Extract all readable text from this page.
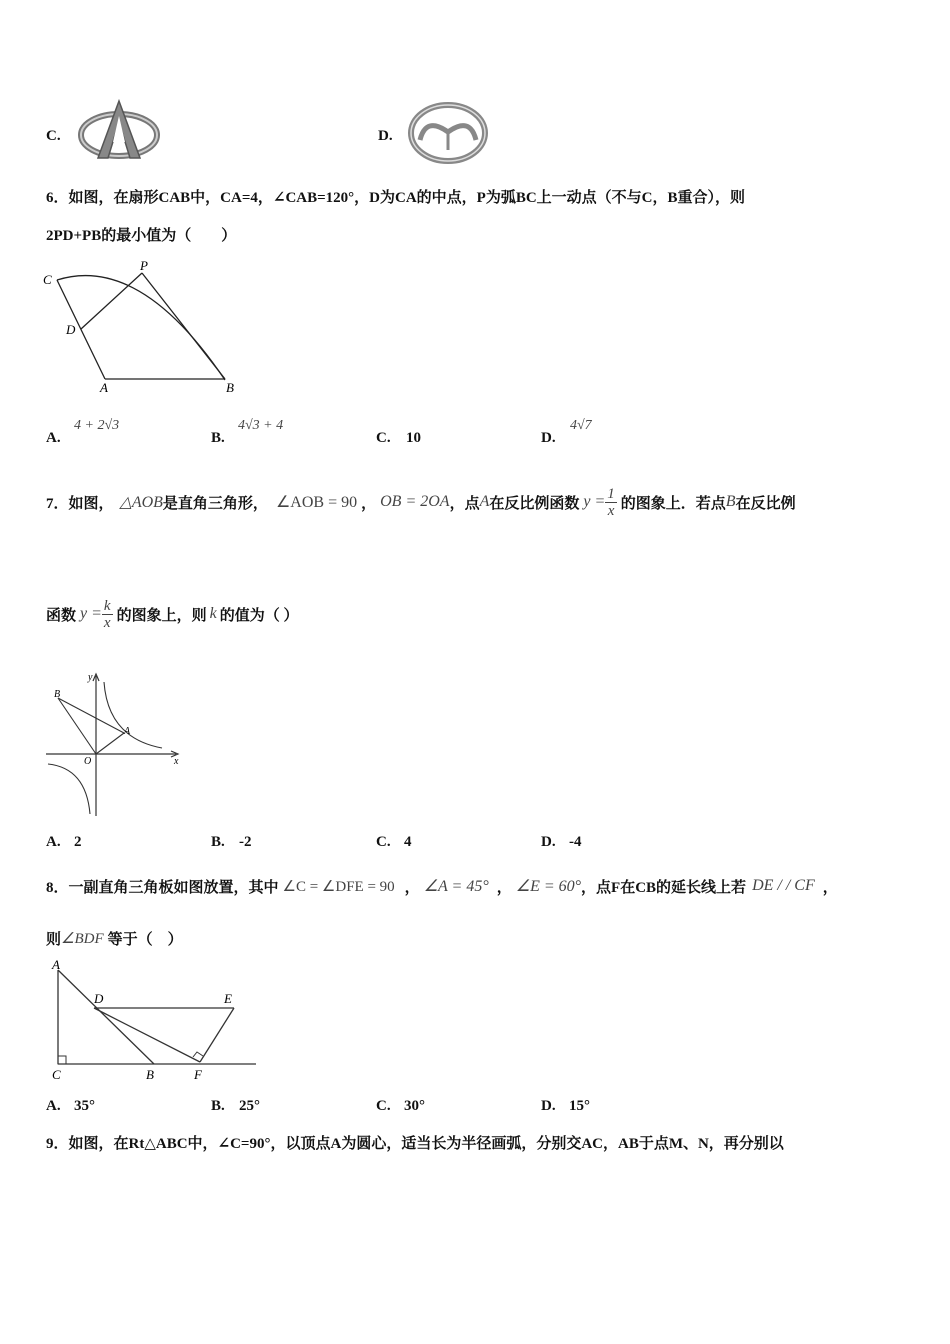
C.	D.
6．如图，在扇形CAB中，CA=4，∠CAB=120°，D为CA的中点，P为弧BC上一动点（不与C，B重合），则
2PD+PB的最小值为（　　）
C
P
D
A	B
A.
4 + 2√3
B.
4√3 + 4
C. 10	D.
4√7
7．如图， △AOB 是直角三角形， ∠AOB = 90 ， OB = 2OA ，点 A 在反比例函数 $y = \frac{1}{x}$ 的图象上．若点 B 在反比例
函数 $y = \frac{k}{x}$ 的图象上，则 k 的值为（ ）
B
y
A
O	x
A. 2	B. -2	C. 4	D. -4
8．一副直角三角板如图放置，其中 ∠C = ∠DFE = 90 ， ∠A = 45° ， ∠E = 60° ，点F在CB的延长线上若 DE / / CF ，
则 ∠BDF 等于（　）
A
D	E
C	B	F
A. 35°	B. 25°	C. 30°	D. 15°
9．如图，在Rt△ABC中，∠C=90°，以顶点A为圆心，适当长为半径画弧，分别交AC，AB于点M、N，再分别以
